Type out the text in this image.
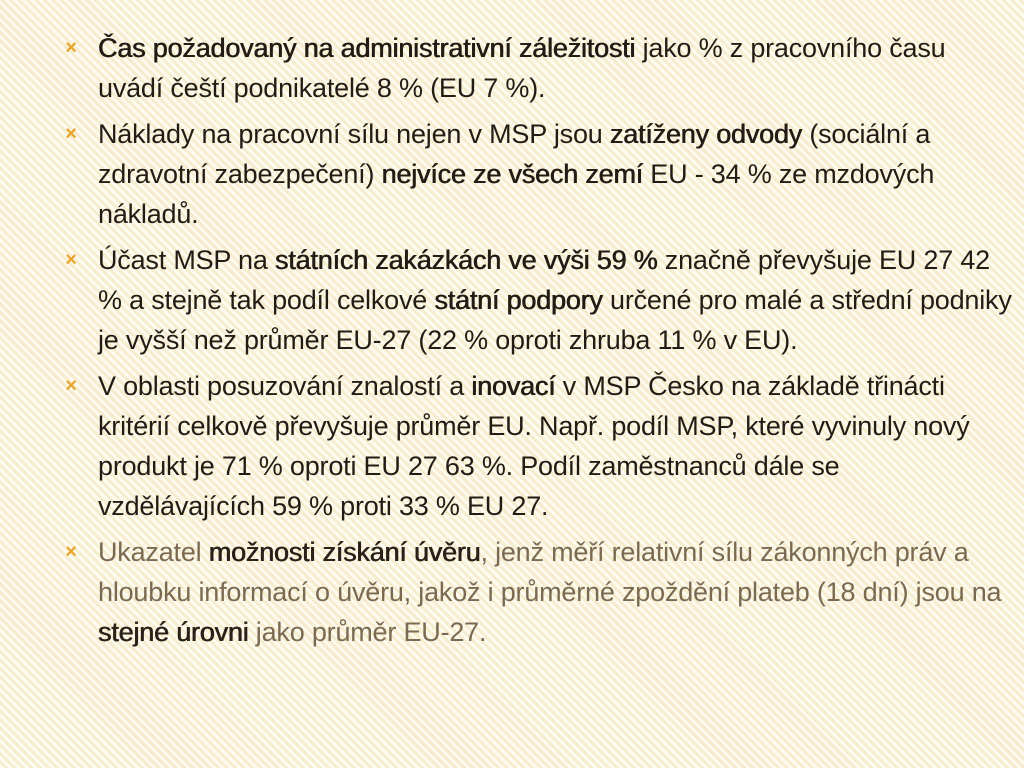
× Čas požadovaný na administrativní záležitosti jako % z pracovního času uvádí čeští podnikatelé 8 % (EU 7 %).
× Náklady na pracovní sílu nejen v MSP jsou zatíženy odvody (sociální a zdravotní zabezpečení) nejvíce ze všech zemí EU - 34 % ze mzdových nákladů.
× Účast MSP na státních zakázkách ve výši 59 % značně převyšuje EU 27 42 % a stejně tak podíl celkové státní podpory určené pro malé a střední podniky je vyšší než průměr EU-27 (22 % oproti zhruba 11 % v EU).
× V oblasti posuzování znalostí a inovací v MSP Česko na základě třinácti kritérií celkově převyšuje průměr EU. Např. podíl MSP, které vyvinuly nový produkt je 71 % oproti EU 27 63 %. Podíl zaměstnanců dále se vzdělávajících 59 % proti 33 % EU 27.
× Ukazatel možnosti získání úvěru, jenž měří relativní sílu zákonných práv a hloubku informací o úvěru, jakož i průměrné zpoždění plateb (18 dní) jsou na stejné úrovni jako průměr EU-27.
